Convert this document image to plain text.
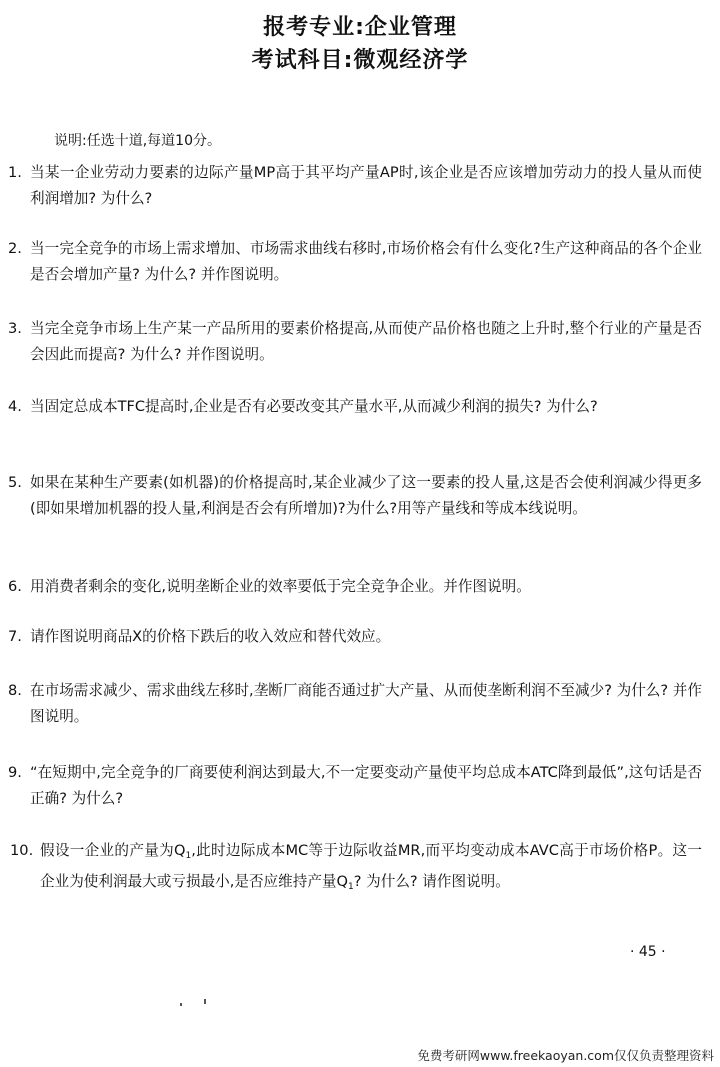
报考专业:企业管理
考试科目:微观经济学
说明:任选十道,每道10分。
1. 当某一企业劳动力要素的边际产量MP高于其平均产量AP时,该企业是否应该增加劳动力的投人量从而使利润增加? 为什么?
2. 当一完全竞争的市场上需求增加、市场需求曲线右移时,市场价格会有什么变化?生产这种商品的各个企业是否会增加产量? 为什么? 并作图说明。
3. 当完全竞争市场上生产某一产品所用的要素价格提高,从而使产品价格也随之上升时,整个行业的产量是否会因此而提高? 为什么? 并作图说明。
4. 当固定总成本TFC提高时,企业是否有必要改变其产量水平,从而减少利润的损失? 为什么?
5. 如果在某种生产要素(如机器)的价格提高时,某企业减少了这一要素的投人量,这是否会使利润减少得更多(即如果增加机器的投人量,利润是否会有所增加)?为什么?用等产量线和等成本线说明。
6. 用消费者剩余的变化,说明垄断企业的效率要低于完全竞争企业。并作图说明。
7. 请作图说明商品X的价格下跌后的收入效应和替代效应。
8. 在市场需求减少、需求曲线左移时,垄断厂商能否通过扩大产量、从而使垄断利润不至减少? 为什么? 并作图说明。
9. “在短期中,完全竞争的厂商要使利润达到最大,不一定要变动产量使平均总成本ATC降到最低”,这句话是否正确? 为什么?
10. 假设一企业的产量为$Q_1$,此时边际成本MC等于边际收益MR,而平均变动成本AVC高于市场价格P。这一企业为使利润最大或亏损最小,是否应维持产量$Q_1$? 为什么? 请作图说明。
· 45 ·
免费考研网www.freekaoyan.com仅仅负责整理资料
